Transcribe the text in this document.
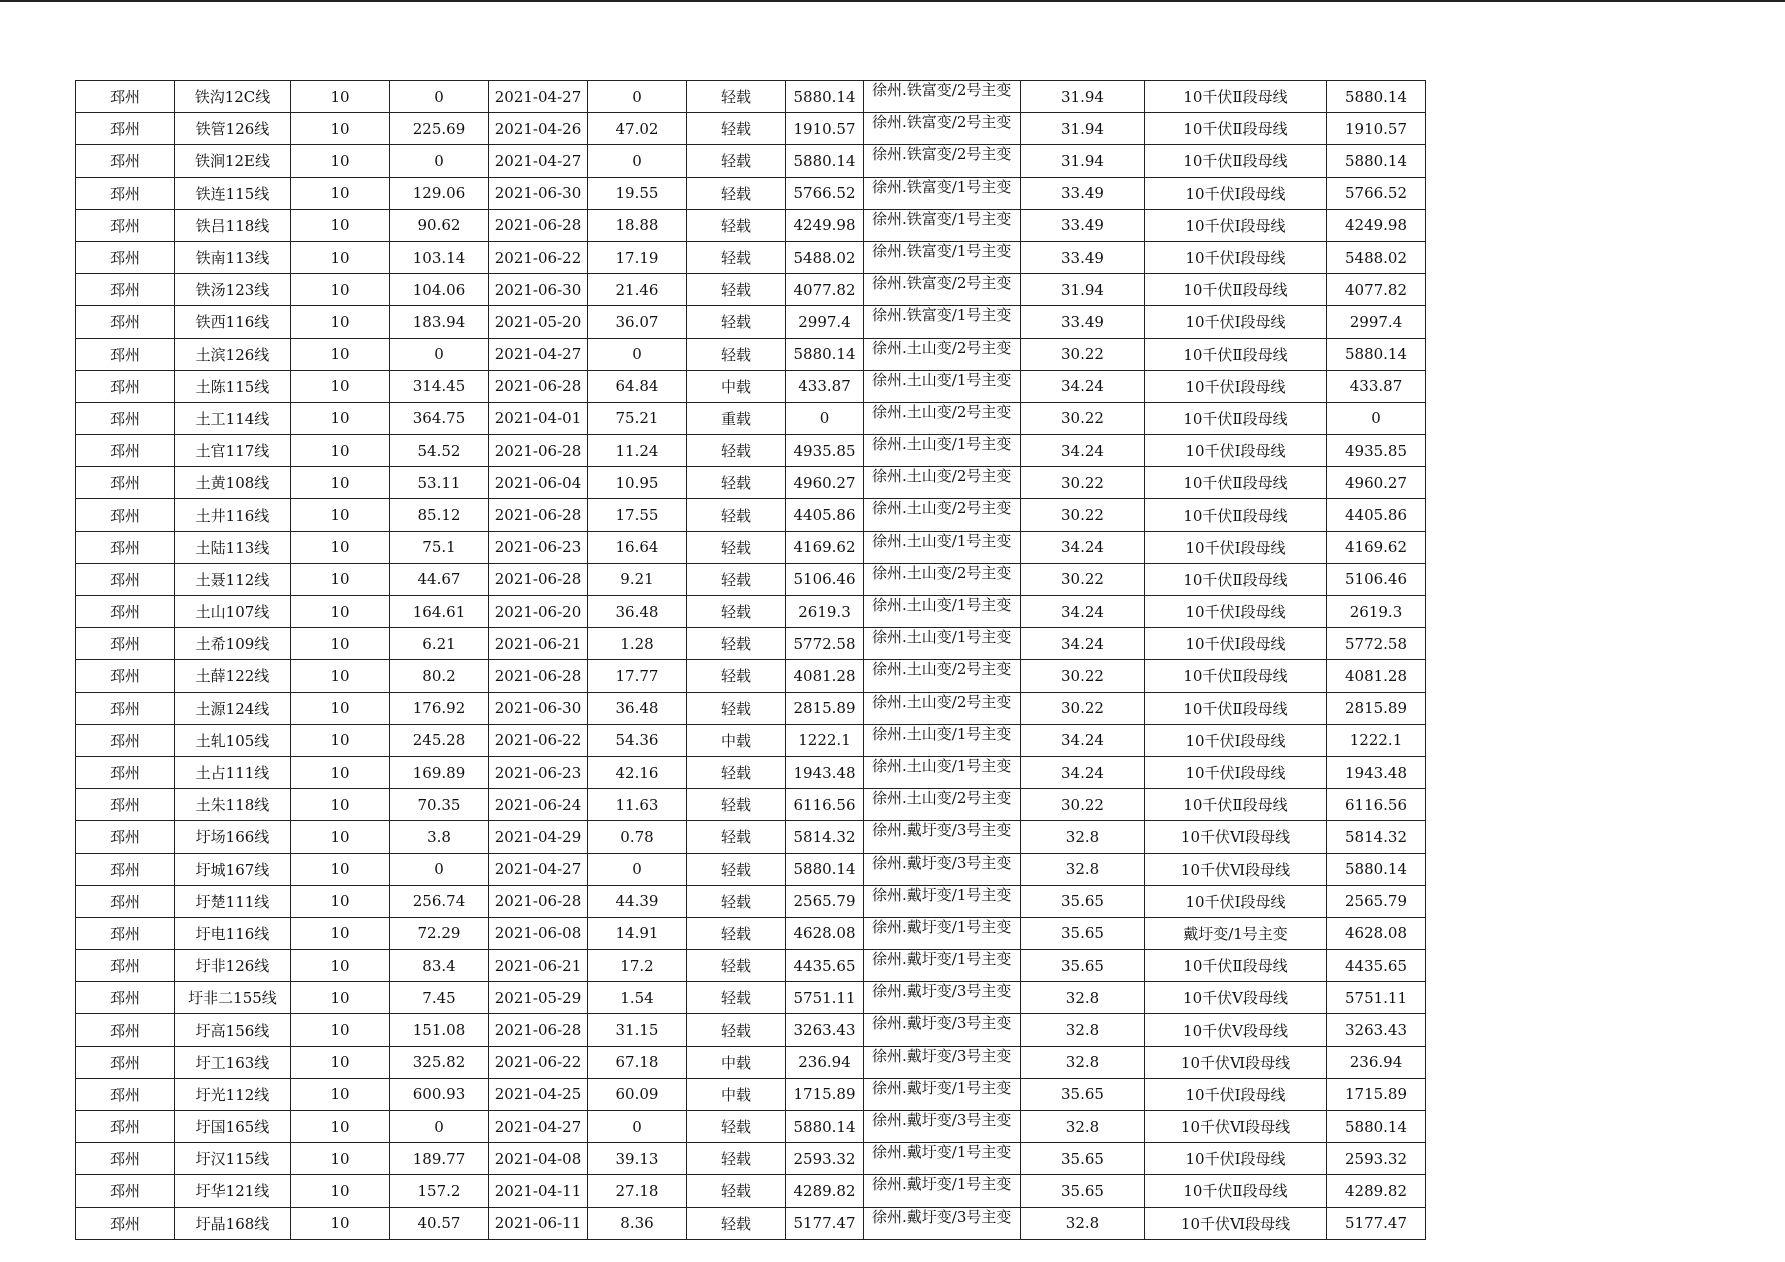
邳州	铁沟12C线	10	0	2021-04-27	0	轻载	5880.14	徐州.铁富变/2号主变	31.94	10千伏Ⅱ段母线	5880.14
邳州	铁管126线	10	225.69	2021-04-26	47.02	轻载	1910.57	徐州.铁富变/2号主变	31.94	10千伏Ⅱ段母线	1910.57
邳州	铁涧12E线	10	0	2021-04-27	0	轻载	5880.14	徐州.铁富变/2号主变	31.94	10千伏Ⅱ段母线	5880.14
邳州	铁连115线	10	129.06	2021-06-30	19.55	轻载	5766.52	徐州.铁富变/1号主变	33.49	10千伏Ⅰ段母线	5766.52
邳州	铁吕118线	10	90.62	2021-06-28	18.88	轻载	4249.98	徐州.铁富变/1号主变	33.49	10千伏Ⅰ段母线	4249.98
邳州	铁南113线	10	103.14	2021-06-22	17.19	轻载	5488.02	徐州.铁富变/1号主变	33.49	10千伏Ⅰ段母线	5488.02
邳州	铁汤123线	10	104.06	2021-06-30	21.46	轻载	4077.82	徐州.铁富变/2号主变	31.94	10千伏Ⅱ段母线	4077.82
邳州	铁西116线	10	183.94	2021-05-20	36.07	轻载	2997.4	徐州.铁富变/1号主变	33.49	10千伏Ⅰ段母线	2997.4
邳州	土滨126线	10	0	2021-04-27	0	轻载	5880.14	徐州.土山变/2号主变	30.22	10千伏Ⅱ段母线	5880.14
邳州	土陈115线	10	314.45	2021-06-28	64.84	中载	433.87	徐州.土山变/1号主变	34.24	10千伏Ⅰ段母线	433.87
邳州	土工114线	10	364.75	2021-04-01	75.21	重载	0	徐州.土山变/2号主变	30.22	10千伏Ⅱ段母线	0
邳州	土官117线	10	54.52	2021-06-28	11.24	轻载	4935.85	徐州.土山变/1号主变	34.24	10千伏Ⅰ段母线	4935.85
邳州	土黄108线	10	53.11	2021-06-04	10.95	轻载	4960.27	徐州.土山变/2号主变	30.22	10千伏Ⅱ段母线	4960.27
邳州	土井116线	10	85.12	2021-06-28	17.55	轻载	4405.86	徐州.土山变/2号主变	30.22	10千伏Ⅱ段母线	4405.86
邳州	土陆113线	10	75.1	2021-06-23	16.64	轻载	4169.62	徐州.土山变/1号主变	34.24	10千伏Ⅰ段母线	4169.62
邳州	土聂112线	10	44.67	2021-06-28	9.21	轻载	5106.46	徐州.土山变/2号主变	30.22	10千伏Ⅱ段母线	5106.46
邳州	土山107线	10	164.61	2021-06-20	36.48	轻载	2619.3	徐州.土山变/1号主变	34.24	10千伏Ⅰ段母线	2619.3
邳州	土希109线	10	6.21	2021-06-21	1.28	轻载	5772.58	徐州.土山变/1号主变	34.24	10千伏Ⅰ段母线	5772.58
邳州	土薛122线	10	80.2	2021-06-28	17.77	轻载	4081.28	徐州.土山变/2号主变	30.22	10千伏Ⅱ段母线	4081.28
邳州	土源124线	10	176.92	2021-06-30	36.48	轻载	2815.89	徐州.土山变/2号主变	30.22	10千伏Ⅱ段母线	2815.89
邳州	土轧105线	10	245.28	2021-06-22	54.36	中载	1222.1	徐州.土山变/1号主变	34.24	10千伏Ⅰ段母线	1222.1
邳州	土占111线	10	169.89	2021-06-23	42.16	轻载	1943.48	徐州.土山变/1号主变	34.24	10千伏Ⅰ段母线	1943.48
邳州	土朱118线	10	70.35	2021-06-24	11.63	轻载	6116.56	徐州.土山变/2号主变	30.22	10千伏Ⅱ段母线	6116.56
邳州	圩场166线	10	3.8	2021-04-29	0.78	轻载	5814.32	徐州.戴圩变/3号主变	32.8	10千伏Ⅵ段母线	5814.32
邳州	圩城167线	10	0	2021-04-27	0	轻载	5880.14	徐州.戴圩变/3号主变	32.8	10千伏Ⅵ段母线	5880.14
邳州	圩楚111线	10	256.74	2021-06-28	44.39	轻载	2565.79	徐州.戴圩变/1号主变	35.65	10千伏Ⅰ段母线	2565.79
邳州	圩电116线	10	72.29	2021-06-08	14.91	轻载	4628.08	徐州.戴圩变/1号主变	35.65	戴圩变/1号主变	4628.08
邳州	圩非126线	10	83.4	2021-06-21	17.2	轻载	4435.65	徐州.戴圩变/1号主变	35.65	10千伏Ⅱ段母线	4435.65
邳州	圩非二155线	10	7.45	2021-05-29	1.54	轻载	5751.11	徐州.戴圩变/3号主变	32.8	10千伏Ⅴ段母线	5751.11
邳州	圩高156线	10	151.08	2021-06-28	31.15	轻载	3263.43	徐州.戴圩变/3号主变	32.8	10千伏Ⅴ段母线	3263.43
邳州	圩工163线	10	325.82	2021-06-22	67.18	中载	236.94	徐州.戴圩变/3号主变	32.8	10千伏Ⅵ段母线	236.94
邳州	圩光112线	10	600.93	2021-04-25	60.09	中载	1715.89	徐州.戴圩变/1号主变	35.65	10千伏Ⅰ段母线	1715.89
邳州	圩国165线	10	0	2021-04-27	0	轻载	5880.14	徐州.戴圩变/3号主变	32.8	10千伏Ⅵ段母线	5880.14
邳州	圩汉115线	10	189.77	2021-04-08	39.13	轻载	2593.32	徐州.戴圩变/1号主变	35.65	10千伏Ⅰ段母线	2593.32
邳州	圩华121线	10	157.2	2021-04-11	27.18	轻载	4289.82	徐州.戴圩变/1号主变	35.65	10千伏Ⅱ段母线	4289.82
邳州	圩晶168线	10	40.57	2021-06-11	8.36	轻载	5177.47	徐州.戴圩变/3号主变	32.8	10千伏Ⅵ段母线	5177.47
